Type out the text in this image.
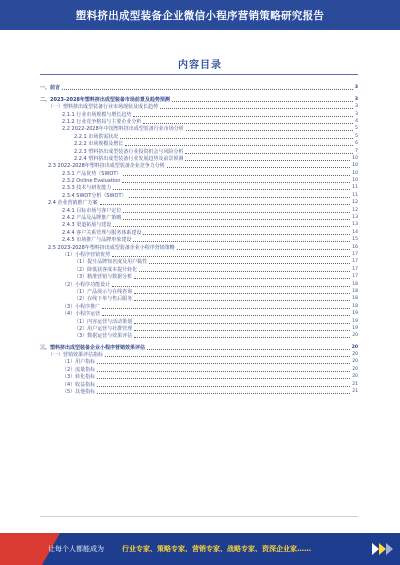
塑料挤出成型装备企业微信小程序营销策略研究报告
内容目录
一、前言	3
二、2023-2028年塑料挤出成型装备市场前景及趋势预测	3
（一）塑料挤出成型装备行业市场现状及成长趋势	3
2.1.1 行业市场规模与增长趋势	3
2.1.2 行业竞争格局与主要企业分析	4
2.2 2022-2028年中国塑料挤出成型装备行业市场分析	5
2.2.1 市场供需状况	5
2.2.2 市场规模及增长	6
2.2.3 塑料挤出成型装备行业投资机会与风险分析	7
2.2.4 塑料挤出成型装备行业发展趋势及前景预测	10
2.3 2022-2028年塑料挤出成型装备企业竞争力分析	10
2.3.1 产品优势（SWOT）	10
2.3.2 Online Evaluation	10
2.3.3 技术与研发能力	11
2.3.4 SWOT分析（SWOT）	11
2.4 企业营销推广方案	12
2.4.1 目标市场与客户定位	12
2.4.2 产品及品牌推广策略	13
2.4.3 渠道拓展与建设	13
2.4.4 客户关系管理与服务体系建设	14
2.4.5 市场推广与品牌形象建设	15
2.5 2023-2028年塑料挤出成型装备企业小程序营销策略	16
（1）小程序营销优势	17
（1）提升品牌知名度及用户黏性	17
（2）降低获客成本提升转化	17
（3）精准营销与数据分析	17
（2）小程序功能设计	18
（1）产品展示与在线咨询	18
（2）在线下单与售后服务	18
（3）小程序推广	18
（4）小程序运营	19
（1）内容运营与活动策划	19
（2）用户运营与社群管理	19
（3）数据运营与效果评估	20
三、塑料挤出成型装备企业小程序营销效果评估	20
（一）营销效果评估指标	20
（1）用户指标	20
（2）流量指标	20
（3）转化指标	20
（4）收益指标	21
（5）其他指标	21
让每个人都能成为	行业专家、策略专家、营销专家、战略专家、资深企业家……
